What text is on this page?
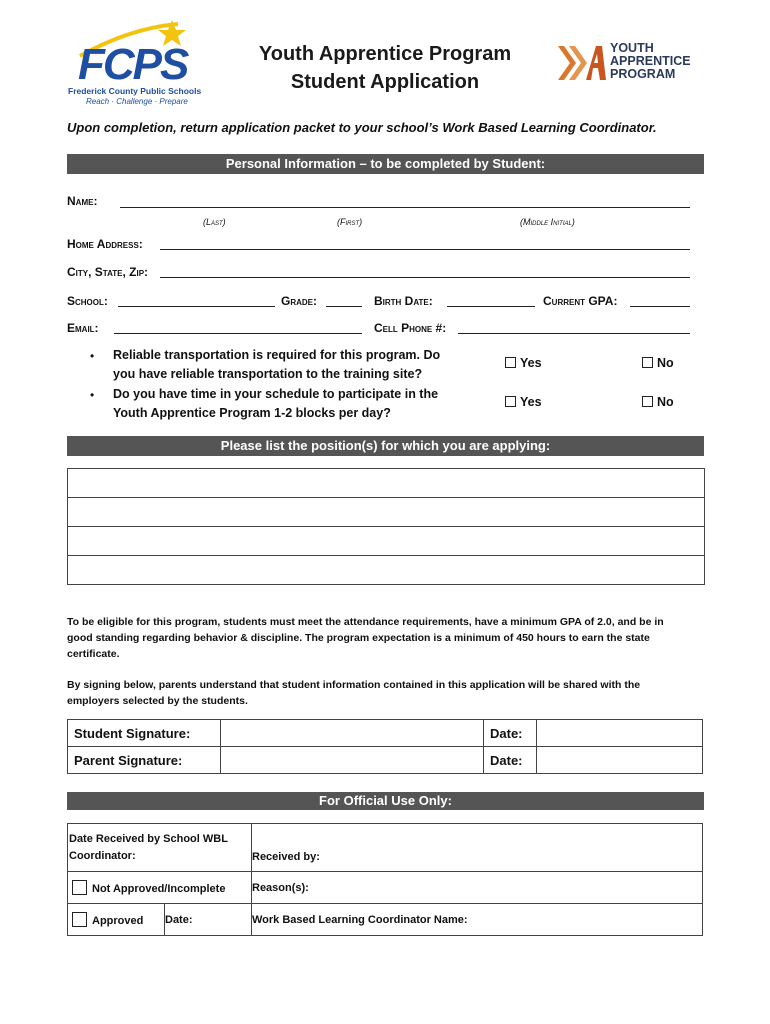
FCPS
Frederick County Public Schools
Reach · Challenge · Prepare
Youth Apprentice Program
Student Application
YOUTH
APPRENTICE
PROGRAM
Upon completion, return application packet to your school’s Work Based Learning Coordinator.
Personal Information – to be completed by Student:
Name:
(Last)	(First)	(Middle Initial)
Home Address:
City, State, Zip:
School:	Grade:	Birth Date:	Current GPA:
Email:	Cell Phone #:
• Reliable transportation is required for this program. Do
you have reliable transportation to the training site?
Yes	No
• Do you have time in your schedule to participate in the
Youth Apprentice Program 1-2 blocks per day?
Yes	No
Please list the position(s) for which you are applying:
To be eligible for this program, students must meet the attendance requirements, have a minimum GPA of 2.0, and be in
good standing regarding behavior & discipline. The program expectation is a minimum of 450 hours to earn the state
certificate.
By signing below, parents understand that student information contained in this application will be shared with the
employers selected by the students.
Student Signature:		Date:	
Parent Signature:		Date:	
For Official Use Only:
Date Received by School WBL
Coordinator:		Received by:
Not Approved/Incomplete		Reason(s):
Approved	Date:	Work Based Learning Coordinator Name:
